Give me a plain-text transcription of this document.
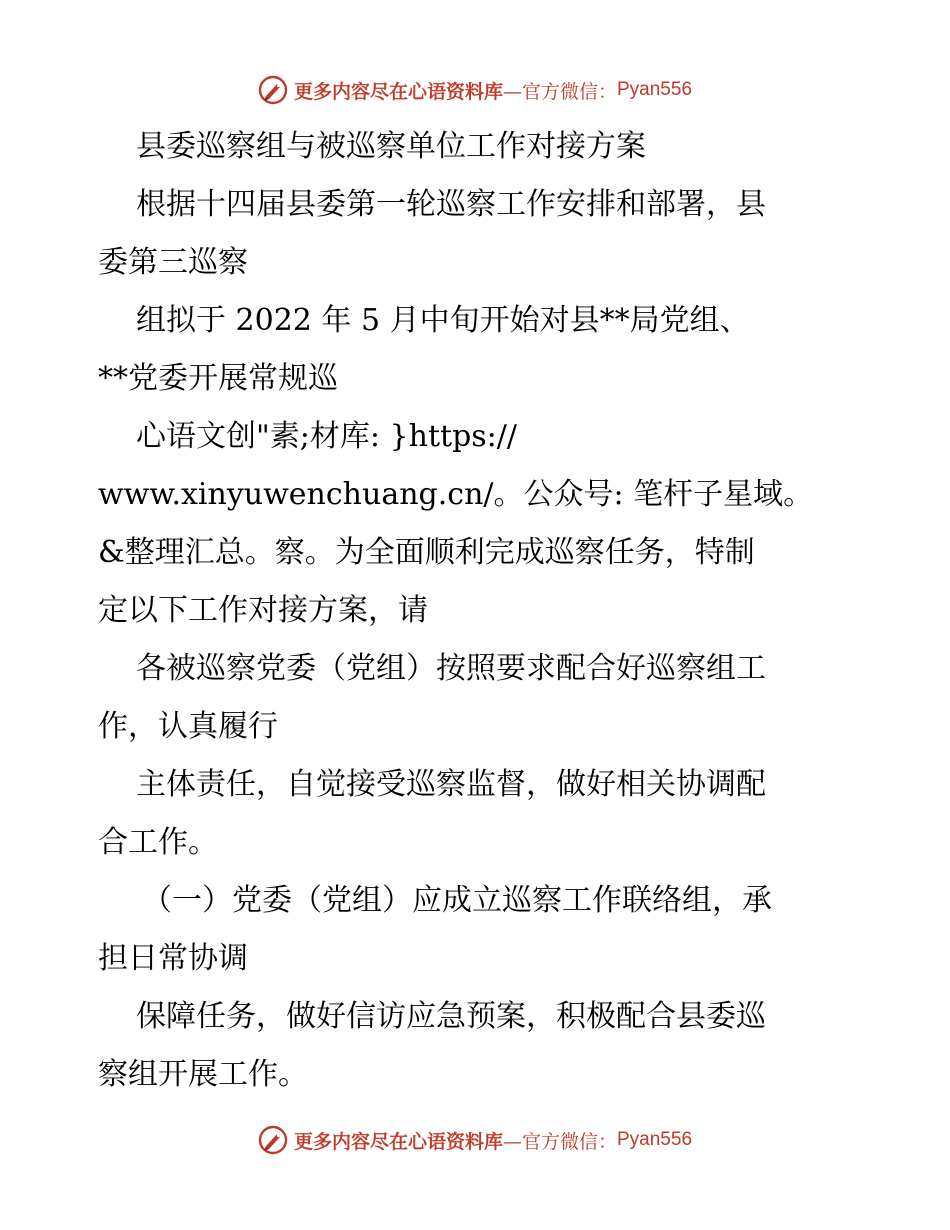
更多内容尽在心语资料库 —官方微信： Pyan556
县委巡察组与被巡察单位工作对接方案
根据十四届县委第一轮巡察工作安排和部署，县
委第三巡察
组拟于 2022 年 5 月中旬开始对县**局党组、
**党委开展常规巡
心语文创"素;材库: }https://
www.xinyuwenchuang.cn/。公众号: 笔杆子星域。
&整理汇总。察。为全面顺利完成巡察任务，特制
定以下工作对接方案，请
各被巡察党委（党组）按照要求配合好巡察组工
作，认真履行
主体责任，自觉接受巡察监督，做好相关协调配
合工作。
（一）党委（党组）应成立巡察工作联络组，承
担日常协调
保障任务，做好信访应急预案，积极配合县委巡
察组开展工作。
更多内容尽在心语资料库 —官方微信： Pyan556
